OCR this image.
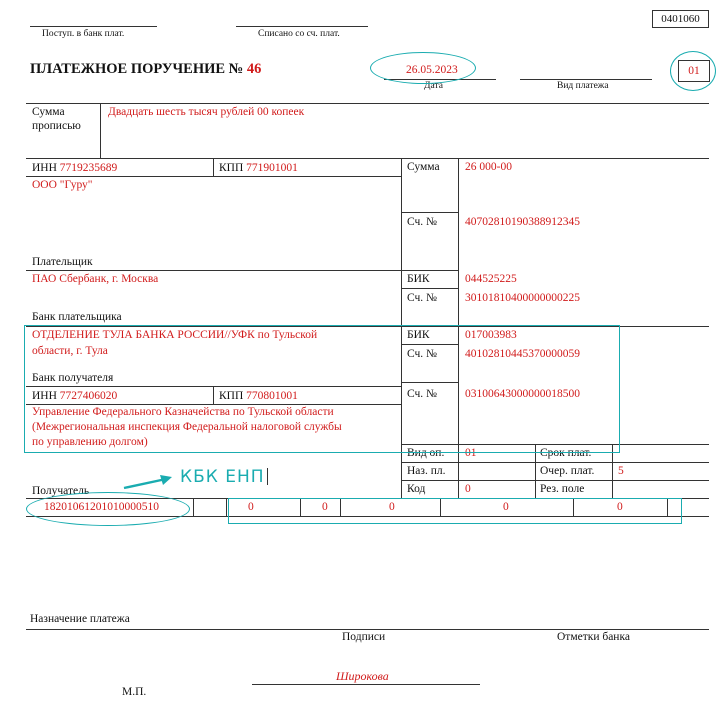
Поступ. в банк плат.	Списано со сч. плат.
0401060
ПЛАТЕЖНОЕ ПОРУЧЕНИЕ № 46	26.05.2023
Дата	Вид платежа
01
Сумма
прописью
Двадцать шесть тысяч рублей 00 копеек
ИНН 7719235689	КПП 771901001
ООО "Гуру"
Плательщик
Сумма 26 000-00
Сч. № 40702810190388912345
ПАО Сбербанк, г. Москва
Банк плательщика
БИК	044525225
Сч. № 30101810400000000225
ОТДЕЛЕНИЕ ТУЛА БАНКА РОССИИ//УФК по Тульской
области, г. Тула
Банк получателя
БИК	017003983
Сч. № 40102810445370000059
ИНН 7727406020	КПП 770801001	Сч. № 03100643000000018500
Управление Федерального Казначейства по Тульской области
(Межрегиональная инспекция Федеральной налоговой службы
по управлению долгом)
Получатель
Вид оп. 01	Срок плат.
Наз. пл.	Очер. плат. 5
Код	0	Рез. поле
КБК ЕНП
18201061201010000510	0	0	0	0	0
Назначение платежа
Подписи	Отметки банка
Широкова
М.П.
